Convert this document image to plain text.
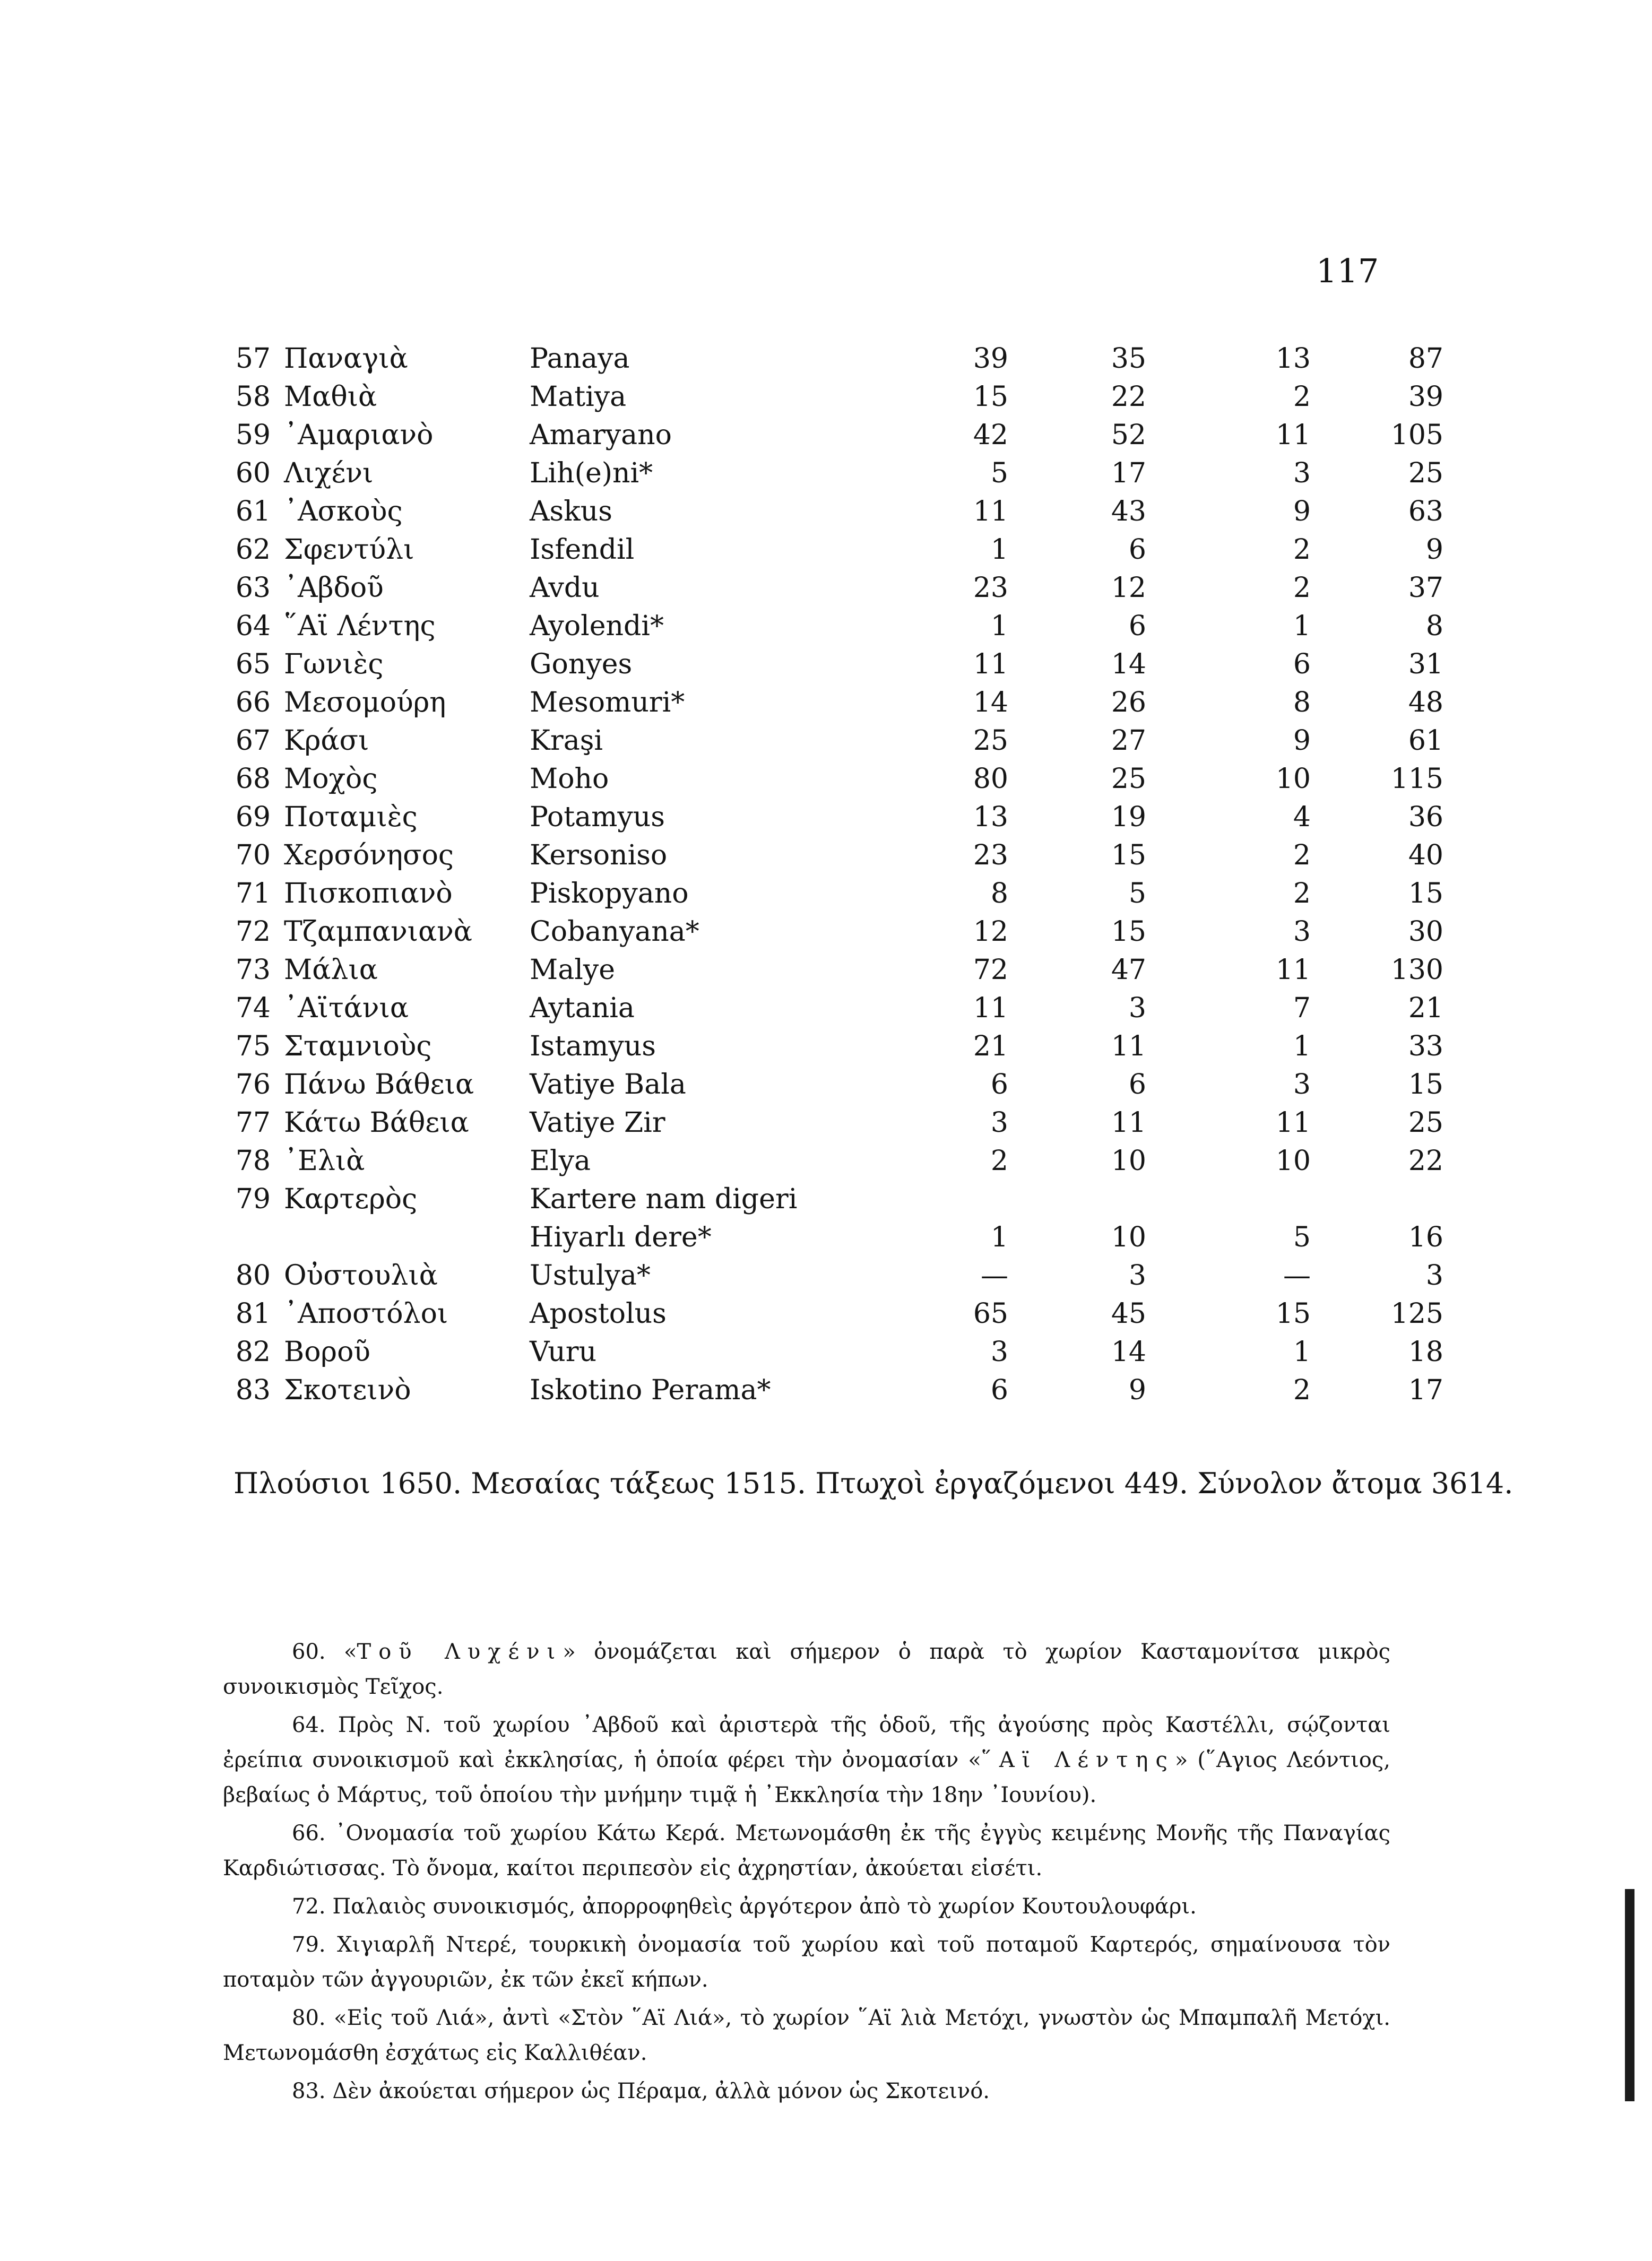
117
57 Παναγιὰ	Panaya	39	35	13	87
58 Μαθιὰ	Matiya	15	22	2	39
59 ᾿Αμαριανὸ	Amaryano	42	52	11	105
60 Λιχένι	Lih(e)ni*	5	17	3	25
61 ᾿Ασκοὺς	Askus	11	43	9	63
62 Σφεντύλι	Isfendil	1	6	2	9
63 ᾿Αβδοῦ	Avdu	23	12	2	37
64 ῞Αϊ Λέντης	Ayolendi*	1	6	1	8
65 Γωνιὲς	Gonyes	11	14	6	31
66 Μεσομούρη	Mesomuri*	14	26	8	48
67 Κράσι	Kraşi	25	27	9	61
68 Μοχὸς	Moho	80	25	10	115
69 Ποταμιὲς	Potamyus	13	19	4	36
70 Χερσόνησος	Kersoniso	23	15	2	40
71 Πισκοπιανὸ	Piskopyano	8	5	2	15
72 Τζαμπανιανὰ	Cobanyana*	12	15	3	30
73 Μάλια	Malye	72	47	11	130
74 ᾿Αϊτάνια	Aytania	11	3	7	21
75 Σταμνιοὺς	Istamyus	21	11	1	33
76 Πάνω Βάθεια	Vatiye Bala	6	6	3	15
77 Κάτω Βάθεια	Vatiye Zir	3	11	11	25
78 ᾿Ελιὰ	Elya	2	10	10	22
79 Καρτερὸς	Kartere nam digeri
Hiyarlı dere*	1	10	5	16
80 Οὐστουλιὰ	Ustulya*	—	3	—	3
81 ᾿Αποστόλοι	Apostolus	65	45	15	125
82 Βοροῦ	Vuru	3	14	1	18
83 Σκοτεινὸ	Iskotino Perama*	6	9	2	17
Πλούσιοι 1650. Μεσαίας τάξεως 1515. Πτωχοὶ ἐργαζόμενοι 449. Σύνολον ἄτομα 3614.

60. «Τοῦ Λυχένι» ὀνομάζεται καὶ σήμερον ὁ παρὰ τὸ χωρίον Κασταμονίτσα μικρὸς συνοικισμὸς Τεῖχος.

64. Πρὸς Ν. τοῦ χωρίου ᾿Αβδοῦ καὶ ἀριστερὰ τῆς ὁδοῦ, τῆς ἀγούσης πρὸς Καστέλλι, σῴζονται ἐρείπια συνοικισμοῦ καὶ ἐκκλησίας, ἡ ὁποία φέρει τὴν ὀνομασίαν «῞Αϊ Λέντης» (῞Αγιος Λεόντιος, βεβαίως ὁ Μάρτυς, τοῦ ὁποίου τὴν μνήμην τιμᾷ ἡ ᾿Εκκλησία τὴν 18ην ᾿Ιουνίου).

66. ᾿Ονομασία τοῦ χωρίου Κάτω Κερά. Μετωνομάσθη ἐκ τῆς ἐγγὺς κειμένης Μονῆς τῆς Παναγίας Καρδιώτισσας. Τὸ ὄνομα, καίτοι περιπεσὸν εἰς ἀχρηστίαν, ἀκούεται εἰσέτι.

72. Παλαιὸς συνοικισμός, ἀπορροφηθεὶς ἀργότερον ἀπὸ τὸ χωρίον Κουτουλουφάρι.

79. Χιγιαρλῆ Ντερέ, τουρκικὴ ὀνομασία τοῦ χωρίου καὶ τοῦ ποταμοῦ Καρτερός, σημαίνουσα τὸν ποταμὸν τῶν ἀγγουριῶν, ἐκ τῶν ἐκεῖ κήπων.

80. «Εἰς τοῦ Λιά», ἀντὶ «Στὸν ῞Αϊ Λιά», τὸ χωρίον ῞Αϊ λιὰ Μετόχι, γνωστὸν ὡς Μπαμπαλῆ Μετόχι. Μετωνομάσθη ἐσχάτως εἰς Καλλιθέαν.

83. Δὲν ἀκούεται σήμερον ὡς Πέραμα, ἀλλὰ μόνον ὡς Σκοτεινό.
